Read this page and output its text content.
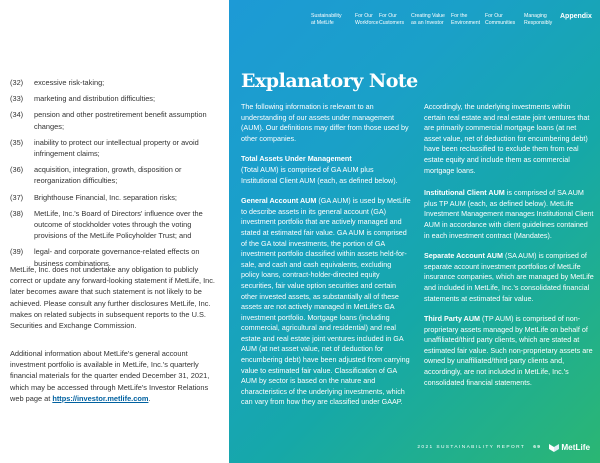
(32)	excessive risk-taking;
(33)	marketing and distribution difficulties;
(34)	pension and other postretirement benefit assumption changes;
(35)	inability to protect our intellectual property or avoid infringement claims;
(36)	acquisition, integration, growth, disposition or reorganization difficulties;
(37)	Brighthouse Financial, Inc. separation risks;
(38)	MetLife, Inc.'s Board of Directors' influence over the outcome of stockholder votes through the voting provisions of the MetLife Policyholder Trust; and
(39)	legal- and corporate governance-related effects on business combinations.

MetLife, Inc. does not undertake any obligation to publicly correct or update any forward-looking statement if MetLife, Inc. later becomes aware that such statement is not likely to be achieved. Please consult any further disclosures MetLife, Inc. makes on related subjects in subsequent reports to the U.S. Securities and Exchange Commission.

Additional information about MetLife's general account investment portfolio is available in MetLife, Inc.'s quarterly financial materials for the quarter ended December 31, 2021, which may be accessed through MetLife's Investor Relations web page at https://investor.metlife.com.

Sustainability
at MetLife
For Our
Workforce
For Our
Customers
Creating Value
as an Investor
For the
Environment
For Our
Communities
Managing
Responsibly
Appendix
Explanatory Note

The following information is relevant to an understanding of our assets under management (AUM). Our definitions may differ from those used by other companies.

Total Assets Under Management
(Total AUM) is comprised of GA AUM plus Institutional Client AUM (each, as defined below).

General Account AUM (GA AUM) is used by MetLife to describe assets in its general account (GA) investment portfolio that are actively managed and stated at estimated fair value. GA AUM is comprised of the GA total investments, the portion of GA investment portfolio classified within assets held-for-sale, and cash and cash equivalents, excluding policy loans, contract-holder-directed equity securities, fair value option securities and certain other invested assets, as substantially all of these assets are not actively managed in MetLife's GA investment portfolio. Mortgage loans (including commercial, agricultural and residential) and real estate and real estate joint ventures included in GA AUM (at net asset value, net of deduction for encumbering debt) have been adjusted from carrying value to estimated fair value. Classification of GA AUM by sector is based on the nature and characteristics of the underlying investments, which can vary from how they are classified under GAAP.

Accordingly, the underlying investments within certain real estate and real estate joint ventures that are primarily commercial mortgage loans (at net asset value, net of deduction for encumbering debt) have been reclassified to exclude them from real estate equity and include them as commercial mortgage loans.

Institutional Client AUM is comprised of SA AUM plus TP AUM (each, as defined below). MetLife Investment Management manages Institutional Client AUM in accordance with client guidelines contained in each investment contract (Mandates).

Separate Account AUM (SA AUM) is comprised of separate account investment portfolios of MetLife insurance companies, which are managed by MetLife and included in MetLife, Inc.'s consolidated financial statements at estimated fair value.

Third Party AUM (TP AUM) is comprised of non-proprietary assets managed by MetLife on behalf of unaffiliated/third party clients, which are stated at estimated fair value. Such non-proprietary assets are owned by unaffiliated/third-party clients and, accordingly, are not included in MetLife, Inc.'s consolidated financial statements.

2021 SUSTAINABILITY REPORT 69 MetLife
